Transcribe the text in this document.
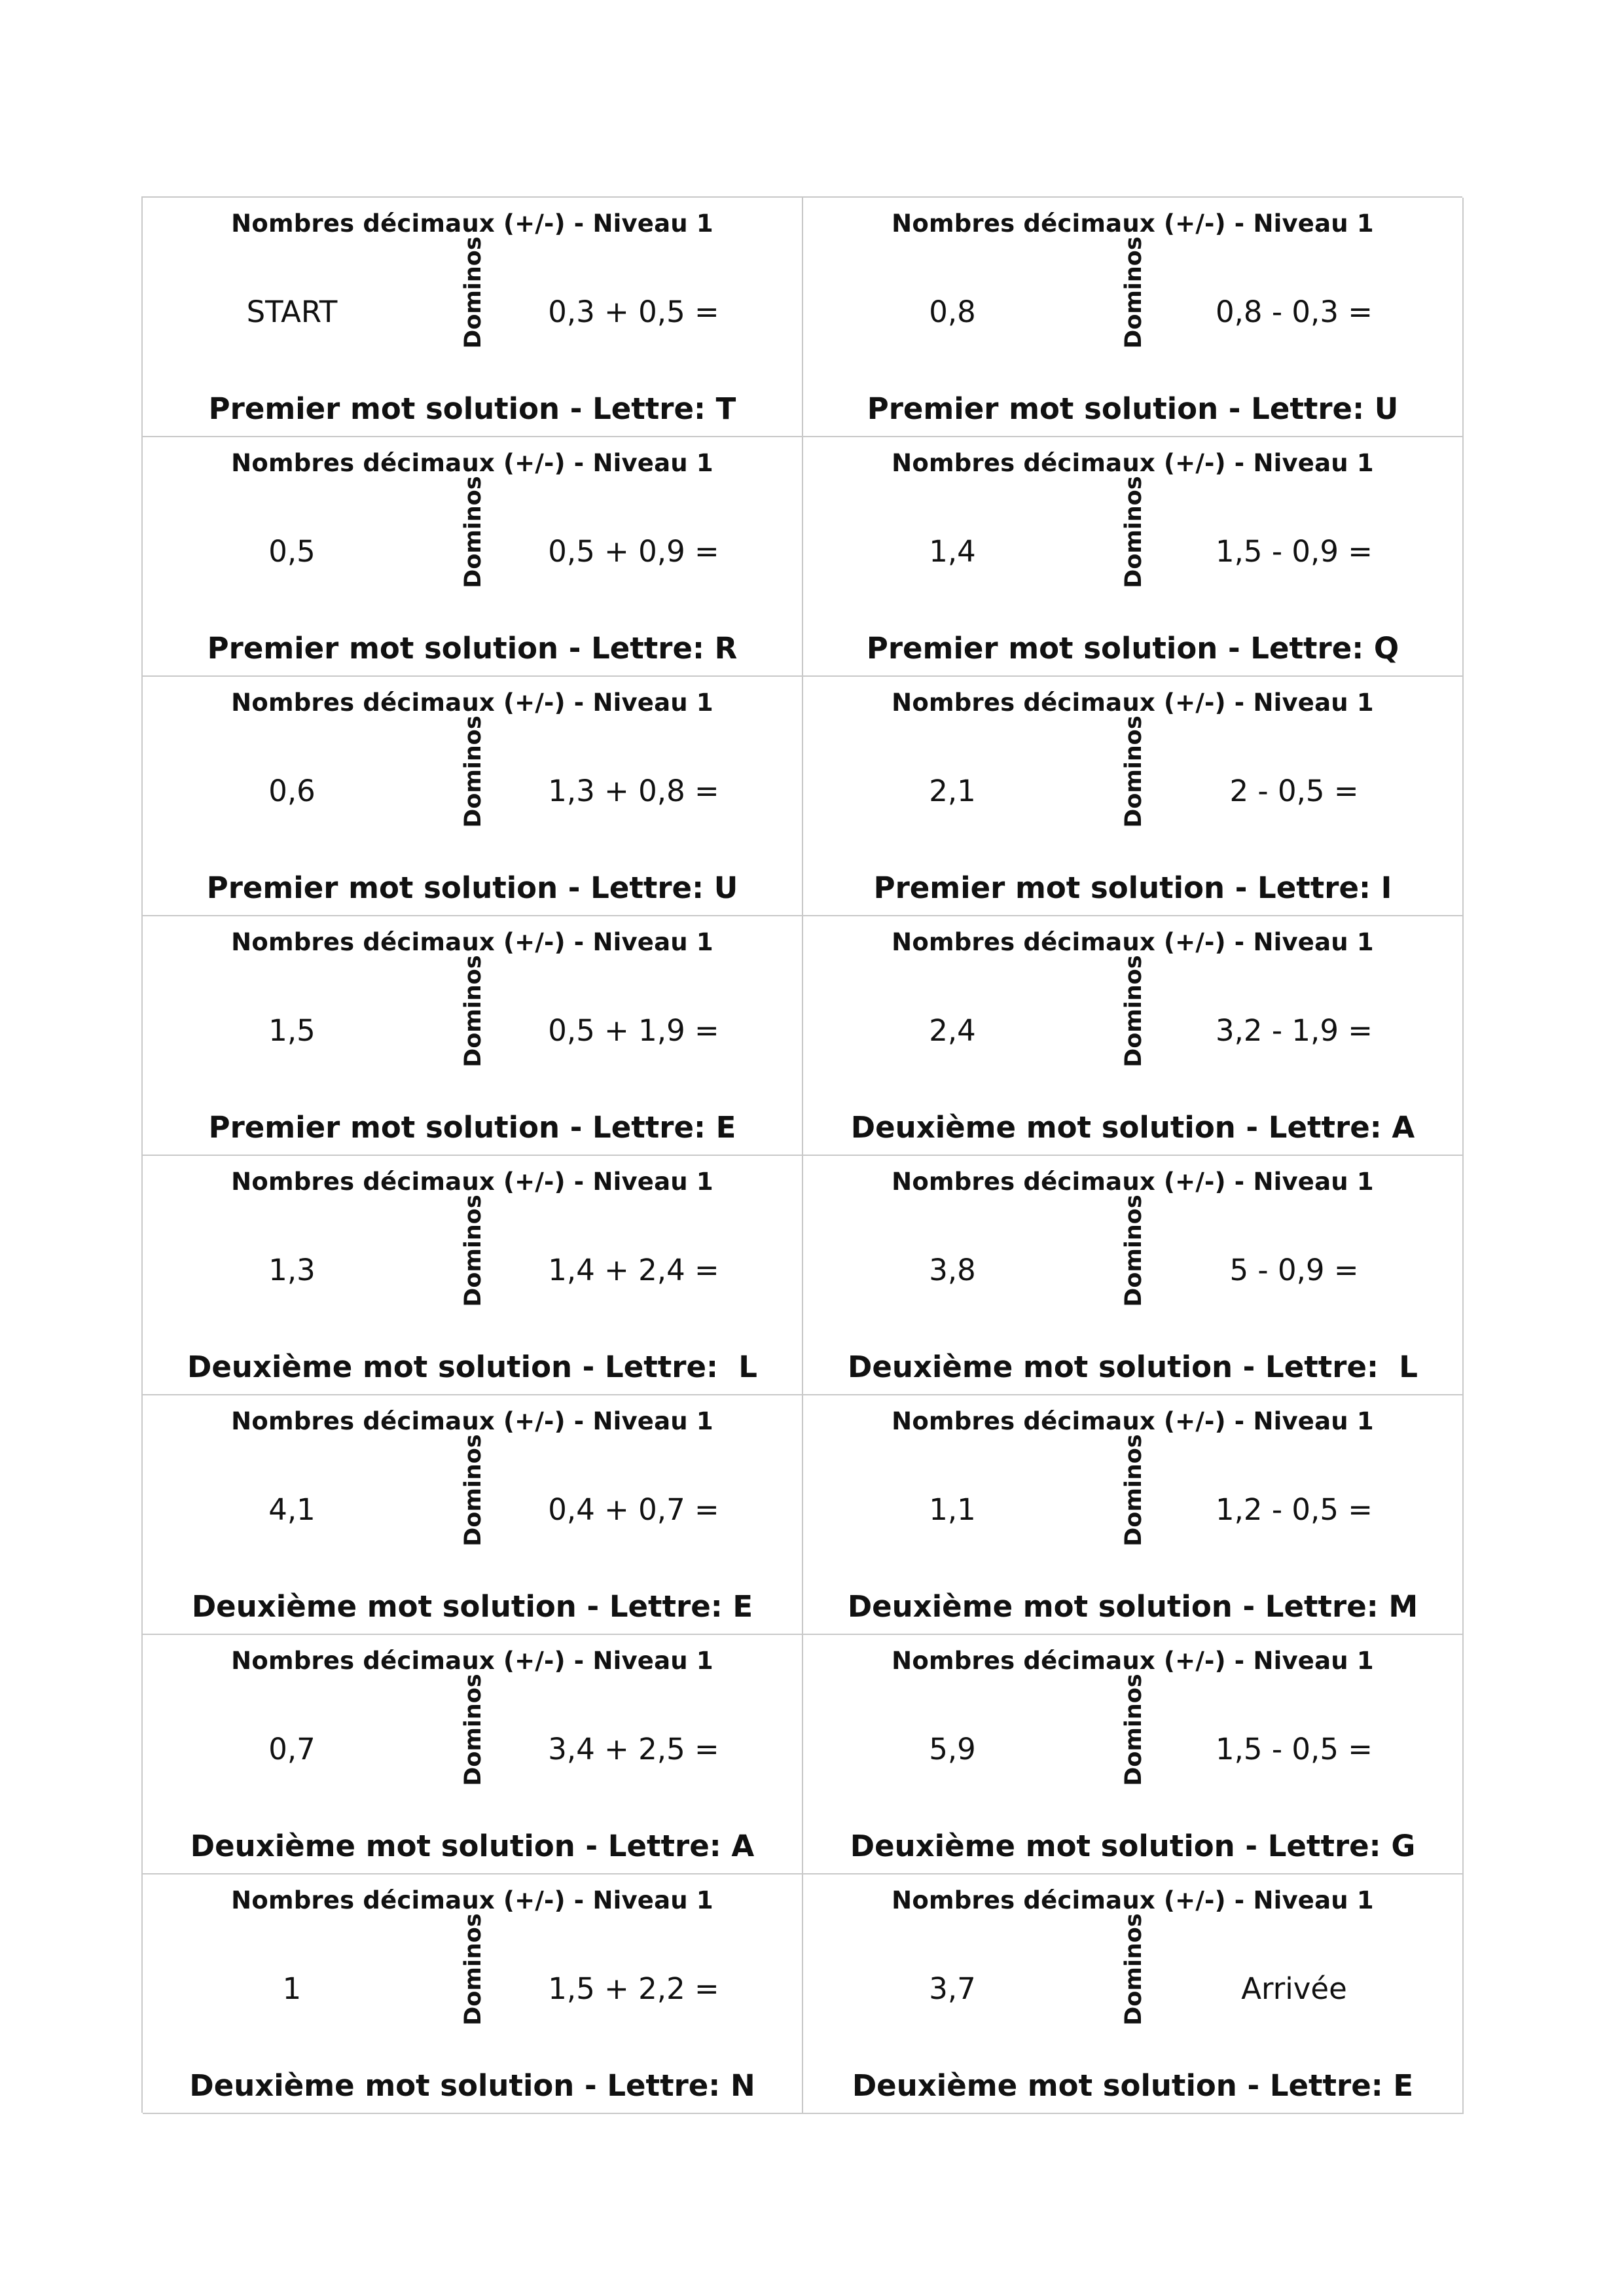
Nombres décimaux (+/-) - Niveau 1
START	Dominos	0,3 + 0,5 =
Premier mot solution - Lettre: T
Nombres décimaux (+/-) - Niveau 1
0,8	Dominos	0,8 - 0,3 =
Premier mot solution - Lettre: U
Nombres décimaux (+/-) - Niveau 1
0,5	Dominos	0,5 + 0,9 =
Premier mot solution - Lettre: R
Nombres décimaux (+/-) - Niveau 1
1,4	Dominos	1,5 - 0,9 =
Premier mot solution - Lettre: Q
Nombres décimaux (+/-) - Niveau 1
0,6	Dominos	1,3 + 0,8 =
Premier mot solution - Lettre: U
Nombres décimaux (+/-) - Niveau 1
2,1	Dominos	2 - 0,5 =
Premier mot solution - Lettre: I
Nombres décimaux (+/-) - Niveau 1
1,5	Dominos	0,5 + 1,9 =
Premier mot solution - Lettre: E
Nombres décimaux (+/-) - Niveau 1
2,4	Dominos	3,2 - 1,9 =
Deuxième mot solution - Lettre: A
Nombres décimaux (+/-) - Niveau 1
1,3	Dominos	1,4 + 2,4 =
Deuxième mot solution - Lettre:  L
Nombres décimaux (+/-) - Niveau 1
3,8	Dominos	5 - 0,9 =
Deuxième mot solution - Lettre:  L
Nombres décimaux (+/-) - Niveau 1
4,1	Dominos	0,4 + 0,7 =
Deuxième mot solution - Lettre: E
Nombres décimaux (+/-) - Niveau 1
1,1	Dominos	1,2 - 0,5 =
Deuxième mot solution - Lettre: M
Nombres décimaux (+/-) - Niveau 1
0,7	Dominos	3,4 + 2,5 =
Deuxième mot solution - Lettre: A
Nombres décimaux (+/-) - Niveau 1
5,9	Dominos	1,5 - 0,5 =
Deuxième mot solution - Lettre: G
Nombres décimaux (+/-) - Niveau 1
1	Dominos	1,5 + 2,2 =
Deuxième mot solution - Lettre: N
Nombres décimaux (+/-) - Niveau 1
3,7	Dominos	Arrivée
Deuxième mot solution - Lettre: E
